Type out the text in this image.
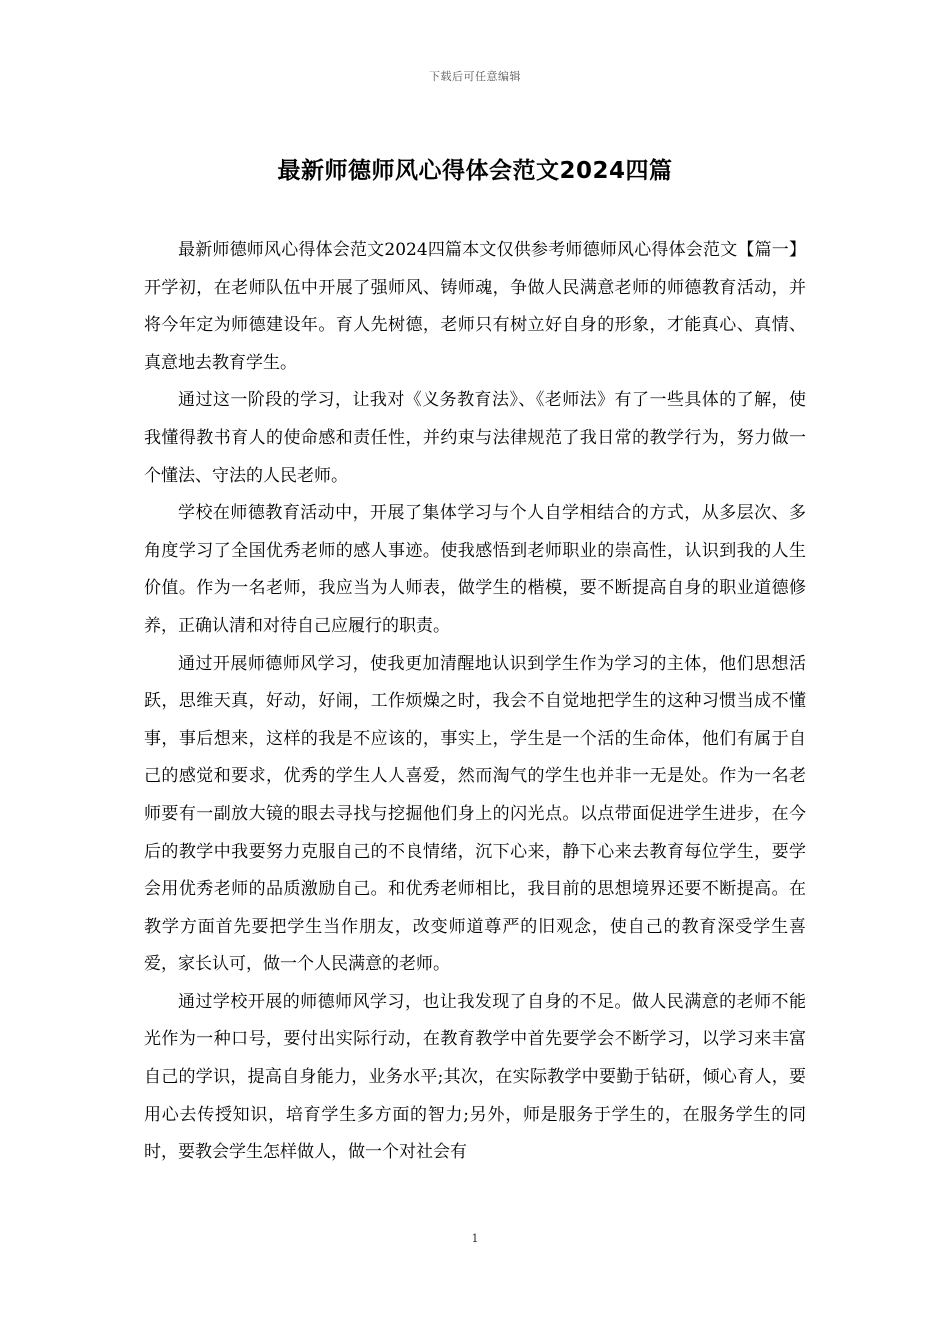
下载后可任意编辑
最新师德师风心得体会范文2024四篇

最新师德师风心得体会范文2024四篇本文仅供参考师德师风心得体会范文【篇一】开学初，在老师队伍中开展了强师风、铸师魂，争做人民满意老师的师德教育活动，并将今年定为师德建设年。育人先树德，老师只有树立好自身的形象，才能真心、真情、真意地去教育学生。

通过这一阶段的学习，让我对《义务教育法》、《老师法》有了一些具体的了解，使我懂得教书育人的使命感和责任性，并约束与法律规范了我日常的教学行为，努力做一个懂法、守法的人民老师。

学校在师德教育活动中，开展了集体学习与个人自学相结合的方式，从多层次、多角度学习了全国优秀老师的感人事迹。使我感悟到老师职业的崇高性，认识到我的人生价值。作为一名老师，我应当为人师表，做学生的楷模，要不断提高自身的职业道德修养，正确认清和对待自己应履行的职责。

通过开展师德师风学习，使我更加清醒地认识到学生作为学习的主体，他们思想活跃，思维天真，好动，好闹，工作烦燥之时，我会不自觉地把学生的这种习惯当成不懂事，事后想来，这样的我是不应该的，事实上，学生是一个活的生命体，他们有属于自己的感觉和要求，优秀的学生人人喜爱，然而淘气的学生也并非一无是处。作为一名老师要有一副放大镜的眼去寻找与挖掘他们身上的闪光点。以点带面促进学生进步，在今后的教学中我要努力克服自己的不良情绪，沉下心来，静下心来去教育每位学生，要学会用优秀老师的品质激励自己。和优秀老师相比，我目前的思想境界还要不断提高。在教学方面首先要把学生当作朋友，改变师道尊严的旧观念，使自己的教育深受学生喜爱，家长认可，做一个人民满意的老师。

通过学校开展的师德师风学习，也让我发现了自身的不足。做人民满意的老师不能光作为一种口号，要付出实际行动，在教育教学中首先要学会不断学习，以学习来丰富自己的学识，提高自身能力，业务水平;其次，在实际教学中要勤于钻研，倾心育人，要用心去传授知识，培育学生多方面的智力;另外，师是服务于学生的，在服务学生的同时，要教会学生怎样做人，做一个对社会有

1
